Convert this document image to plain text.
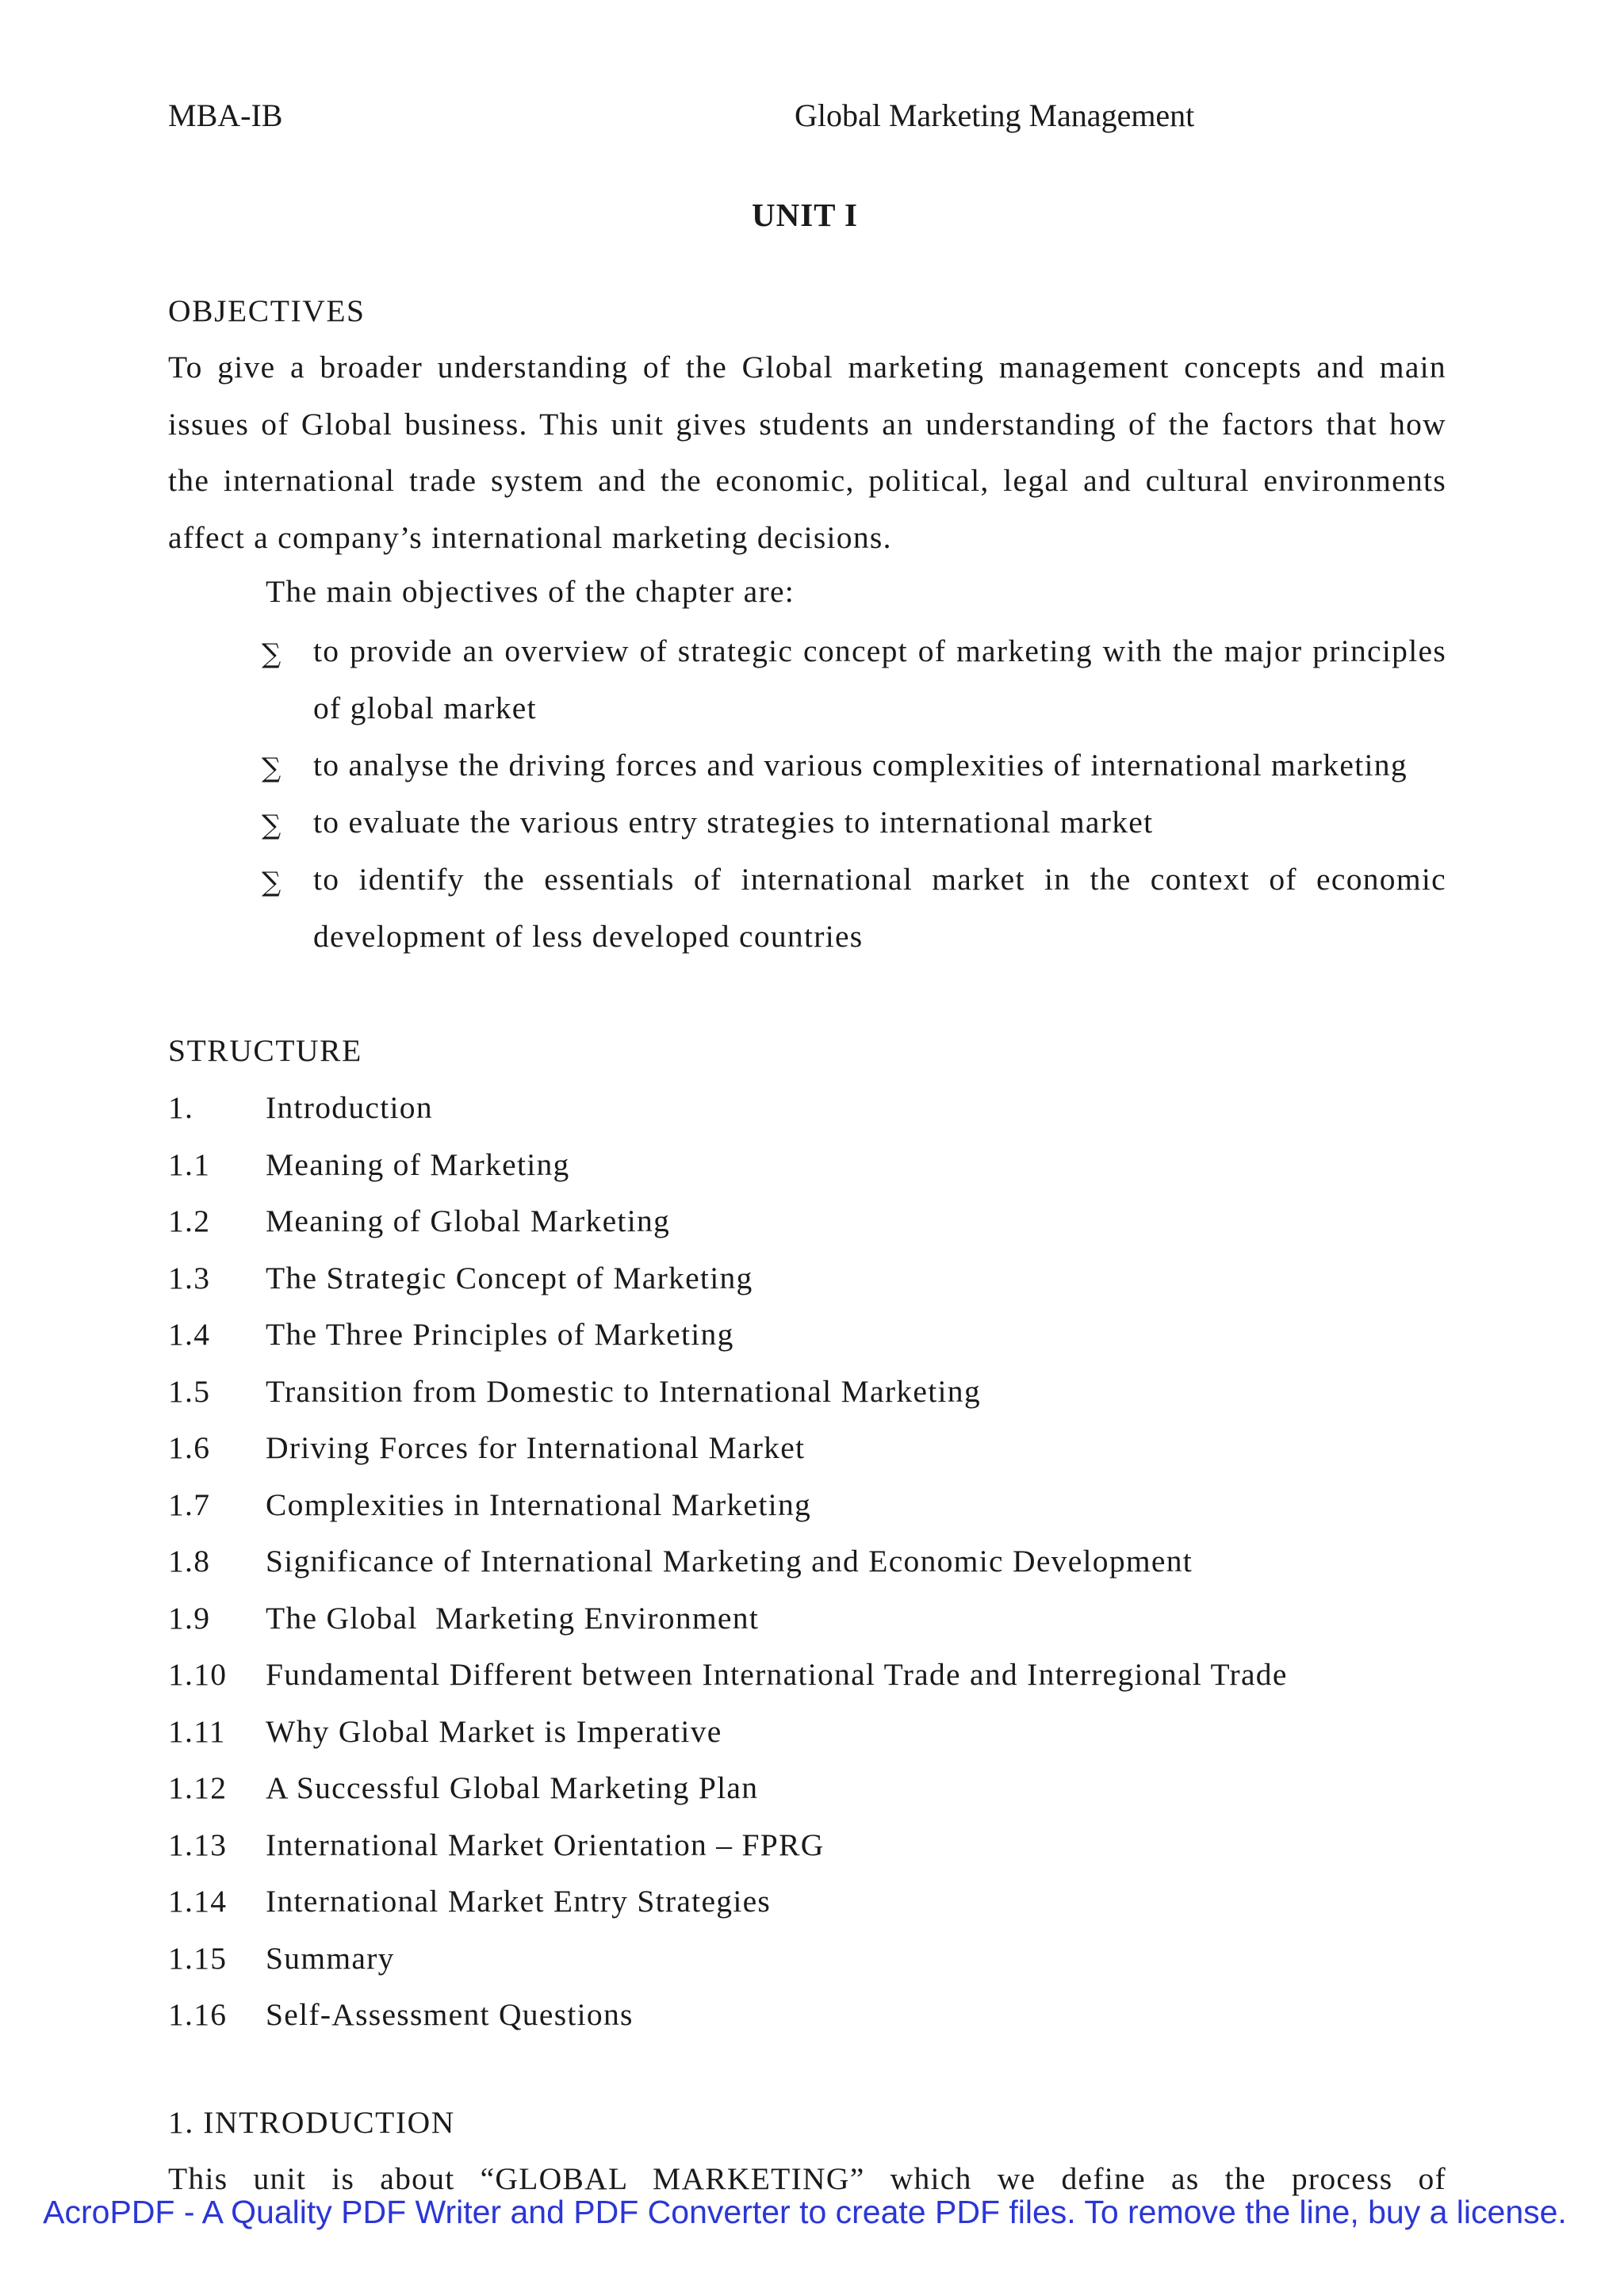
MBA-IB	Global Marketing Management
UNIT I
OBJECTIVES
To give a broader understanding of the Global marketing management concepts and main issues of Global business. This unit gives students an understanding of the factors that how the international trade system and the economic, political, legal and cultural environments affect a company’s international marketing decisions.
The main objectives of the chapter are:
∑ to provide an overview of strategic concept of marketing with the major principles of global market
∑ to analyse the driving forces and various complexities of international marketing
∑ to evaluate the various entry strategies to international market
∑ to identify the essentials of international market in the context of economic development of less developed countries
STRUCTURE
1. Introduction
1.1 Meaning of Marketing
1.2 Meaning of Global Marketing
1.3 The Strategic Concept of Marketing
1.4 The Three Principles of Marketing
1.5 Transition from Domestic to International Marketing
1.6 Driving Forces for International Market
1.7 Complexities in International Marketing
1.8 Significance of International Marketing and Economic Development
1.9 The Global  Marketing Environment
1.10 Fundamental Different between International Trade and Interregional Trade
1.11 Why Global Market is Imperative
1.12 A Successful Global Marketing Plan
1.13 International Market Orientation – FPRG
1.14 International Market Entry Strategies
1.15 Summary
1.16 Self-Assessment Questions
1. INTRODUCTION
This unit is about “GLOBAL MARKETING” which we define as the process of
AcroPDF - A Quality PDF Writer and PDF Converter to create PDF files. To remove the line, buy a license.
